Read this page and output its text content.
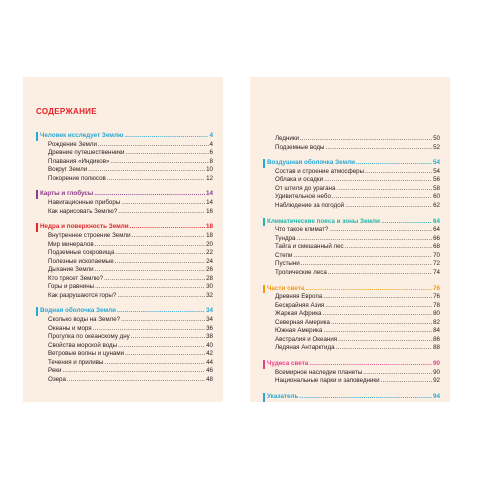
СОДЕРЖАНИЕ
Человек исследует Землю .....	4
Рождение Земли .....	4
Древние путешественники .....	6
Плавания «Индиков» .....	8
Вокруг Земли .....	10
Покорение полюсов .....	12
Карты и глобусы .....	14
Навигационные приборы .....	14
Как нарисовать Землю? .....	16
Недра и поверхность Земли .....	18
Внутреннее строение Земли .....	18
Мир минералов .....	20
Подземные сокровища .....	22
Полезные ископаемые .....	24
Дыхание Земли .....	26
Кто трясет Землю? .....	28
Горы и равнины .....	30
Как разрушаются горы? .....	32
Водная оболочка Земли .....	34
Сколько воды на Земле? .....	34
Океаны и моря .....	36
Прогулка по океанскому дну .....	38
Свойства морской воды .....	40
Ветровые волны и цунами .....	42
Течения и приливы .....	44
Реки .....	46
Озера .....	48
Ледники .....	50
Подземные воды .....	52
Воздушная оболочка Земли .....	54
Состав и строение атмосферы .....	54
Облака и осадки .....	56
От штиля до урагана .....	58
Удивительное небо .....	60
Наблюдение за погодой .....	62
Климатические пояса и зоны Земли .....	64
Что такое климат? .....	64
Тундра .....	66
Тайга и смешанный лес .....	68
Степи .....	70
Пустыни .....	72
Тропические леса .....	74
Части света .....	76
Древняя Европа .....	76
Бескрайняя Азия .....	78
Жаркая Африка .....	80
Северная Америка .....	82
Южная Америка .....	84
Австралия и Океания .....	86
Ледяная Антарктида .....	88
Чудеса света .....	90
Всемирное наследие планеты .....	90
Национальные парки и заповедники .....	92
Указатель .....	94
